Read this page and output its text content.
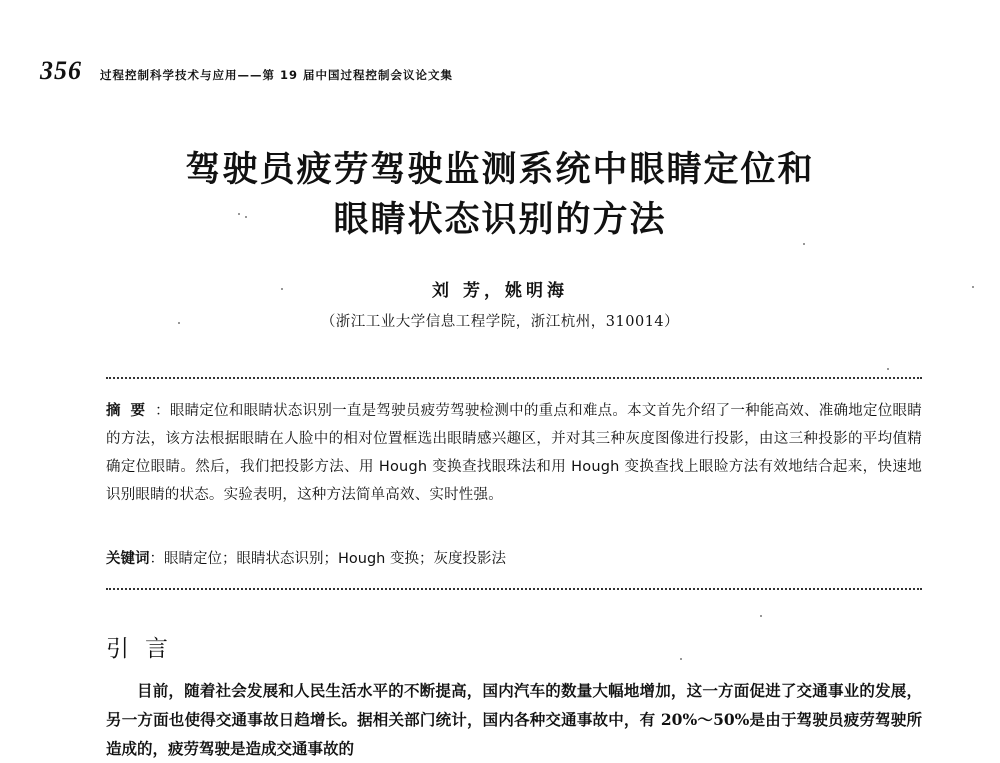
356 过程控制科学技术与应用——第 19 届中国过程控制会议论文集
驾驶员疲劳驾驶监测系统中眼睛定位和
眼睛状态识别的方法
刘 芳，姚明海
（浙江工业大学信息工程学院，浙江杭州，310014）
摘要：眼睛定位和眼睛状态识别一直是驾驶员疲劳驾驶检测中的重点和难点。本文首先介绍了一种能高效、准确地定位眼睛的方法，该方法根据眼睛在人脸中的相对位置框选出眼睛感兴趣区，并对其三种灰度图像进行投影，由这三种投影的平均值精确定位眼睛。然后，我们把投影方法、用 Hough 变换查找眼珠法和用 Hough 变换查找上眼睑方法有效地结合起来，快速地识别眼睛的状态。实验表明，这种方法简单高效、实时性强。
关键词：眼睛定位；眼睛状态识别；Hough 变换；灰度投影法
引言
目前，随着社会发展和人民生活水平的不断提高，国内汽车的数量大幅地增加，这一方面促进了交通事业的发展，另一方面也使得交通事故日趋增长。据相关部门统计，国内各种交通事故中，有 20%～50%是由于驾驶员疲劳驾驶所造成的，疲劳驾驶是造成交通事故的
